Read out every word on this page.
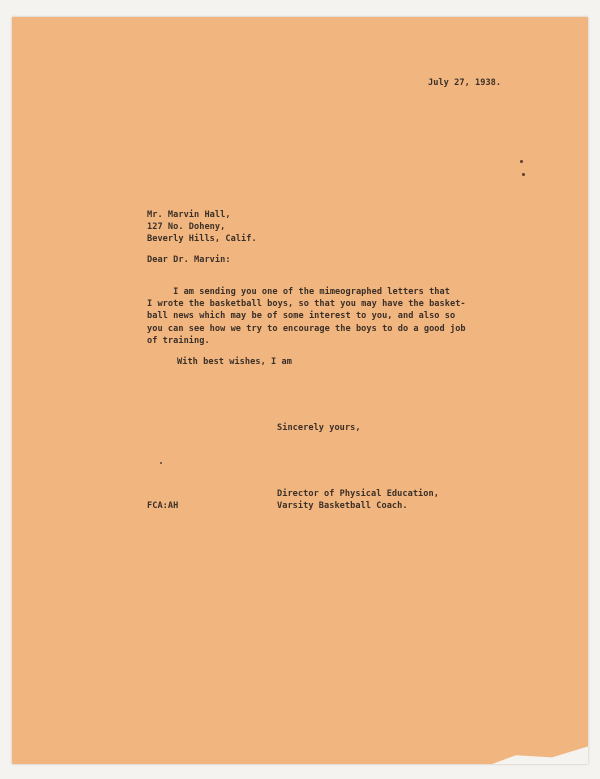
July 27, 1938.
Mr. Marvin Hall,
127 No. Doheny,
Beverly Hills, Calif.
Dear Dr. Marvin:
I am sending you one of the mimeographed letters that
I wrote the basketball boys, so that you may have the basket-
ball news which may be of some interest to you, and also so
you can see how we try to encourage the boys to do a good job
of training.
With best wishes, I am
Sincerely yours,
Director of Physical Education,
Varsity Basketball Coach.
FCA:AH
